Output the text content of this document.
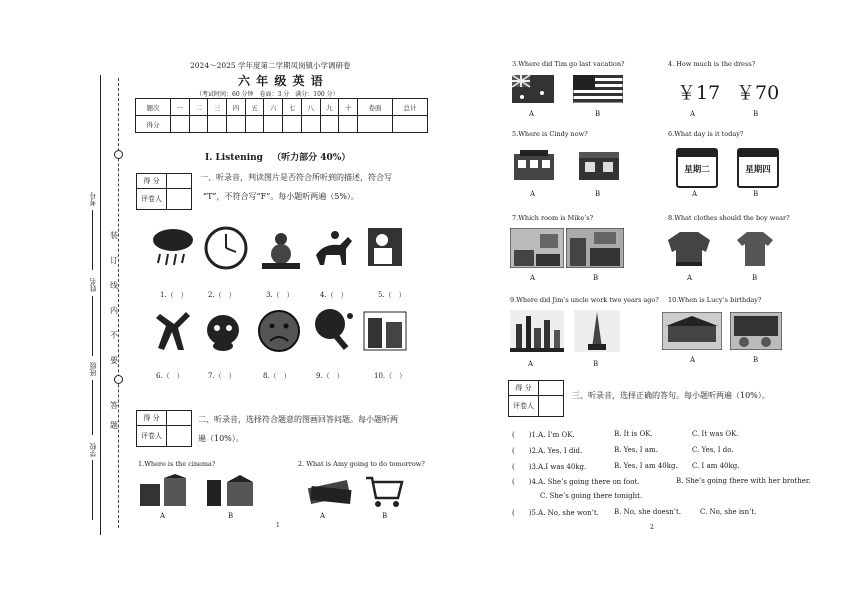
装
订
线
内
不
要
答
题
考号
姓名
班级
学校
2024～2025 学年度第二学期凤岗镇小学调研卷
六 年 级 英 语
（考试时间：60 分钟　卷面：3 分　满分：100 分）
题次	一	二	三	四	五	六	七	八	九	十	卷面	总计
得分												
I. Listening （听力部分 40%）
得 分	
评卷人	
一、听录音，判读图片是否符合所听到的描述，符合写
“T”，不符合写“F”。每小题听两遍（5%）。
1.（　）	2.（　）	3.（　）	4.（　）	5.（　）
6.（　）	7.（　）	8.（　）	9.（　）	10.（　）
得 分	
评卷人	
二、听录音，选择符合题意的图画回答问题。每小题听两
遍（10%）。
1.Where is the cinema?	2. What is Amy going to do tomorrow?
A	B	A	B
1
3.Where did Tim go last vacation?
A	B
4. How much is the dress?
￥17 ￥70
A	B
5.Where is Cindy now?
A	B
6.What day is it today?
星期二	星期四
A	B
7.Which room is Mike’s?
A	B
8.What clothes should the boy wear?
A	B
9.Where did Jim’s uncle work two years ago?
A	B
10.When is Lucy’s birthday?
A	B
得 分	
评卷人	
三、听录音，选择正确的答句。每小题听两遍（10%）。
(　　)1.A. I’m OK.	B. It is OK.	C. It was OK.
(　　)2.A. Yes, I did.	B. Yes, I am.	C. Yes, I do.
(　　)3.A.I was 40kg.	B. Yes, I am 40kg. C. I am 40kg.
(　　)4.A. She’s going there on foot.	B. She’s going there with her brother.
C. She’s going there tonight.
(　　)5.A. No, she won’t. B. No, she doesn’t.	C. No, she isn’t.
2
